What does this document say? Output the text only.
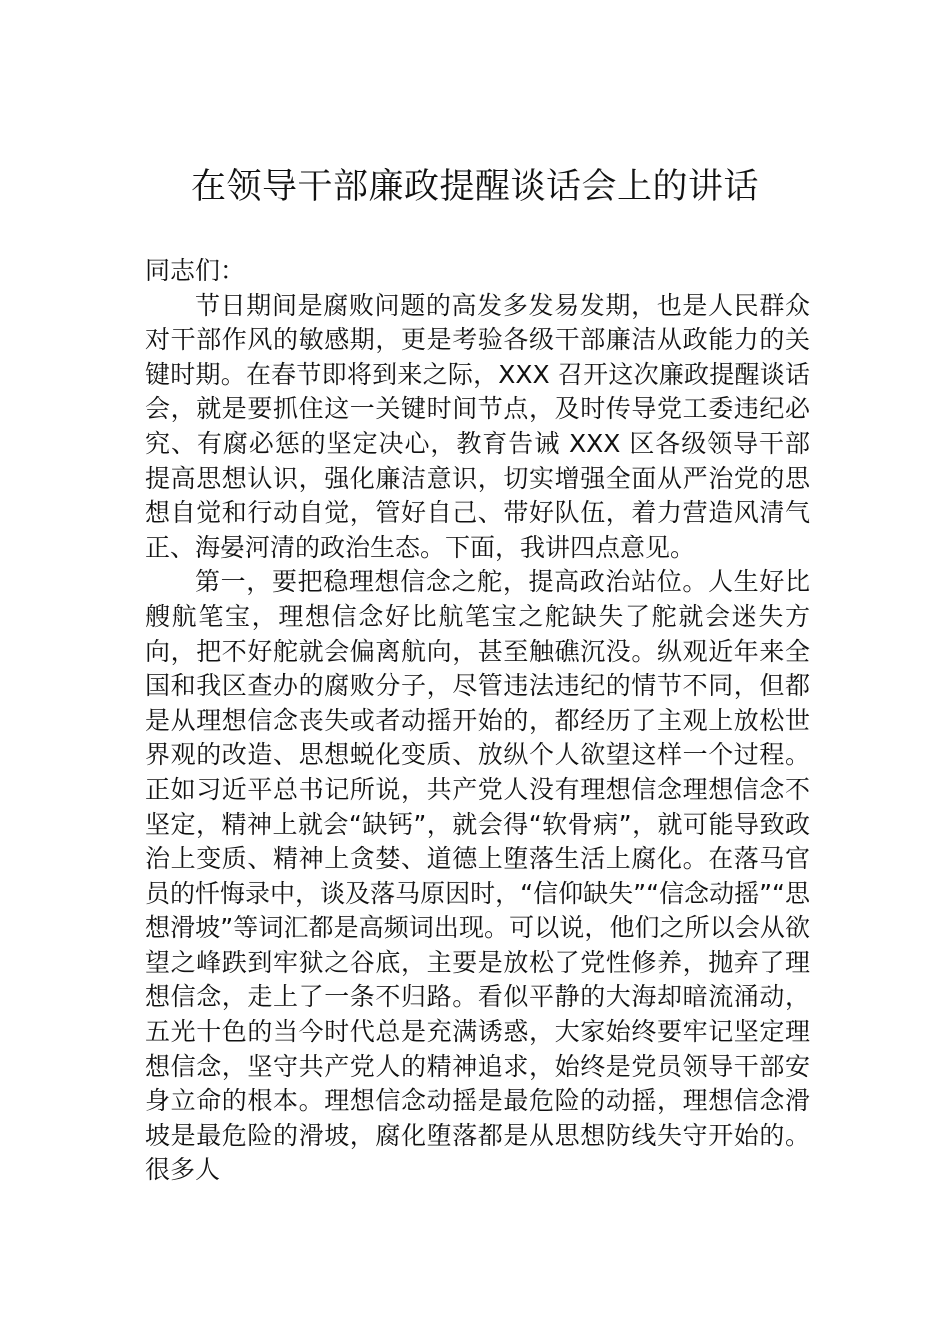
在领导干部廉政提醒谈话会上的讲话

同志们：

节日期间是腐败问题的高发多发易发期，也是人民群众对干部作风的敏感期，更是考验各级干部廉洁从政能力的关键时期。在春节即将到来之际，XXX 召开这次廉政提醒谈话会，就是要抓住这一关键时间节点，及时传导党工委违纪必究、有腐必惩的坚定决心，教育告诫 XXX 区各级领导干部提高思想认识，强化廉洁意识，切实增强全面从严治党的思想自觉和行动自觉，管好自己、带好队伍，着力营造风清气正、海晏河清的政治生态。下面，我讲四点意见。

第一，要把稳理想信念之舵，提高政治站位。人生好比艘航笔宝，理想信念好比航笔宝之舵缺失了舵就会迷失方向，把不好舵就会偏离航向，甚至触礁沉没。纵观近年来全国和我区查办的腐败分子，尽管违法违纪的情节不同，但都是从理想信念丧失或者动摇开始的，都经历了主观上放松世界观的改造、思想蜕化变质、放纵个人欲望这样一个过程。正如习近平总书记所说，共产党人没有理想信念理想信念不坚定，精神上就会“缺钙”，就会得“软骨病”，就可能导致政治上变质、精神上贪婪、道德上堕落生活上腐化。在落马官员的忏悔录中，谈及落马原因时，“信仰缺失”“信念动摇”“思想滑坡”等词汇都是高频词出现。可以说，他们之所以会从欲望之峰跌到牢狱之谷底，主要是放松了党性修养，抛弃了理想信念，走上了一条不归路。看似平静的大海却暗流涌动，五光十色的当今时代总是充满诱惑，大家始终要牢记坚定理想信念，坚守共产党人的精神追求，始终是党员领导干部安身立命的根本。理想信念动摇是最危险的动摇，理想信念滑坡是最危险的滑坡，腐化堕落都是从思想防线失守开始的。很多人
